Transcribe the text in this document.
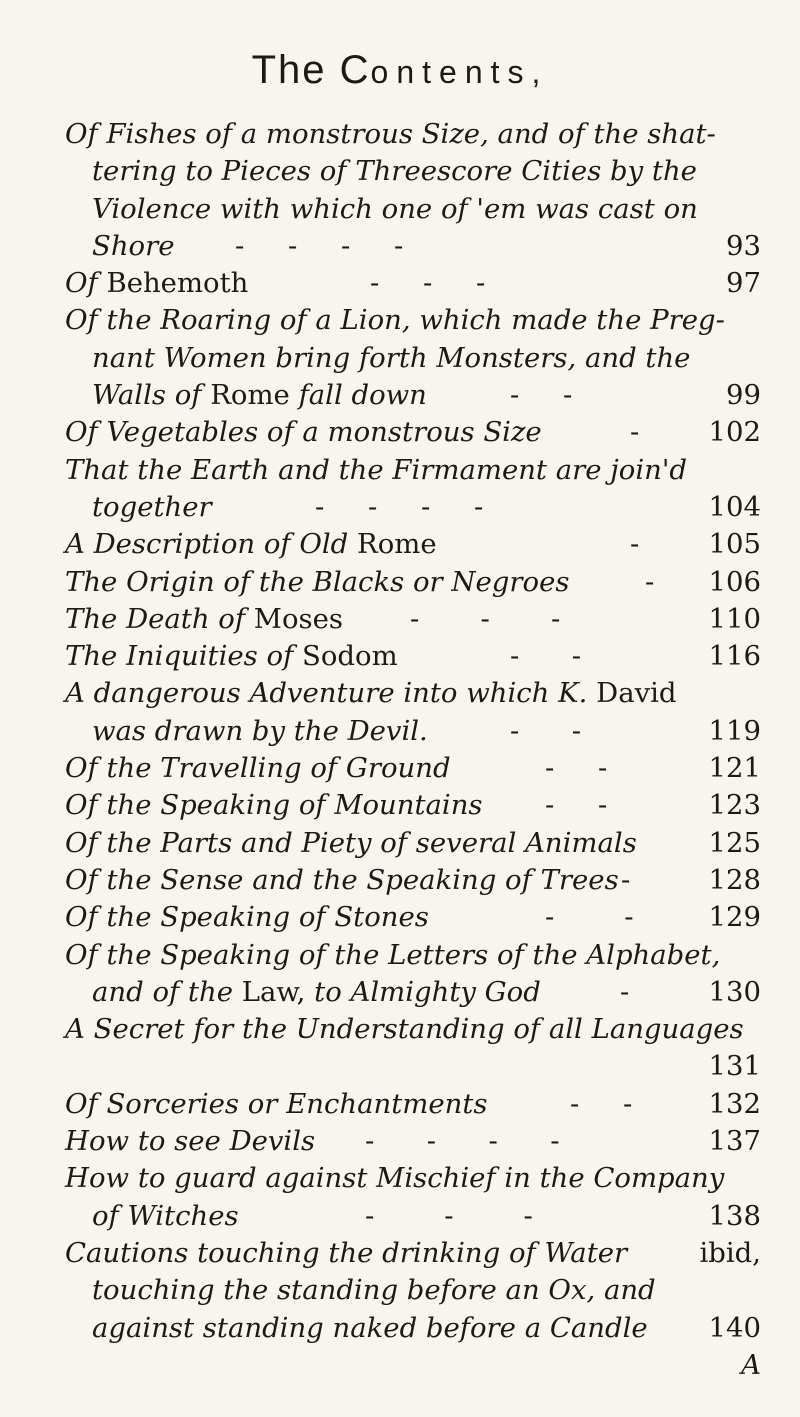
The Contents,
Of Fishes of a monstrous Size, and of the shat-
tering to Pieces of Threescore Cities by the
Violence with which one of 'em was cast on
Shore -     -     -     -	93
Of Behemoth	-     -     -	97
Of the Roaring of a Lion, which made the Preg-
nant Women bring forth Monsters, and the
Walls of Rome fall down	-     -	99
Of Vegetables of a monstrous Size	-	102
That the Earth and the Firmament are join'd
together	-     -     -     -	104
A Description of Old Rome	-	105
The Origin of the Blacks or Negroes	- 106
The Death of Moses -       -       -	110
The Iniquities of Sodom	-      -	116
A dangerous Adventure into which K. David
was drawn by the Devil.	-      -	119
Of the Travelling of Ground	-     -	121
Of the Speaking of Mountains -     -	123
Of the Parts and Piety of several Animals	125
Of the Sense and the Speaking of Trees -	128
Of the Speaking of Stones	-        -	129
Of the Speaking of the Letters of the Alphabet,
and of the Law, to Almighty God	-	130
A Secret for the Understanding of all Languages
131
Of Sorceries or Enchantments	-     -	132
How to see Devils -      -      -      -	137
How to guard against Mischief in the Company
of Witches	-        -        -	138
Cautions touching the drinking of Water	ibid,
touching the standing before an Ox, and
against standing naked before a Candle 140
A
